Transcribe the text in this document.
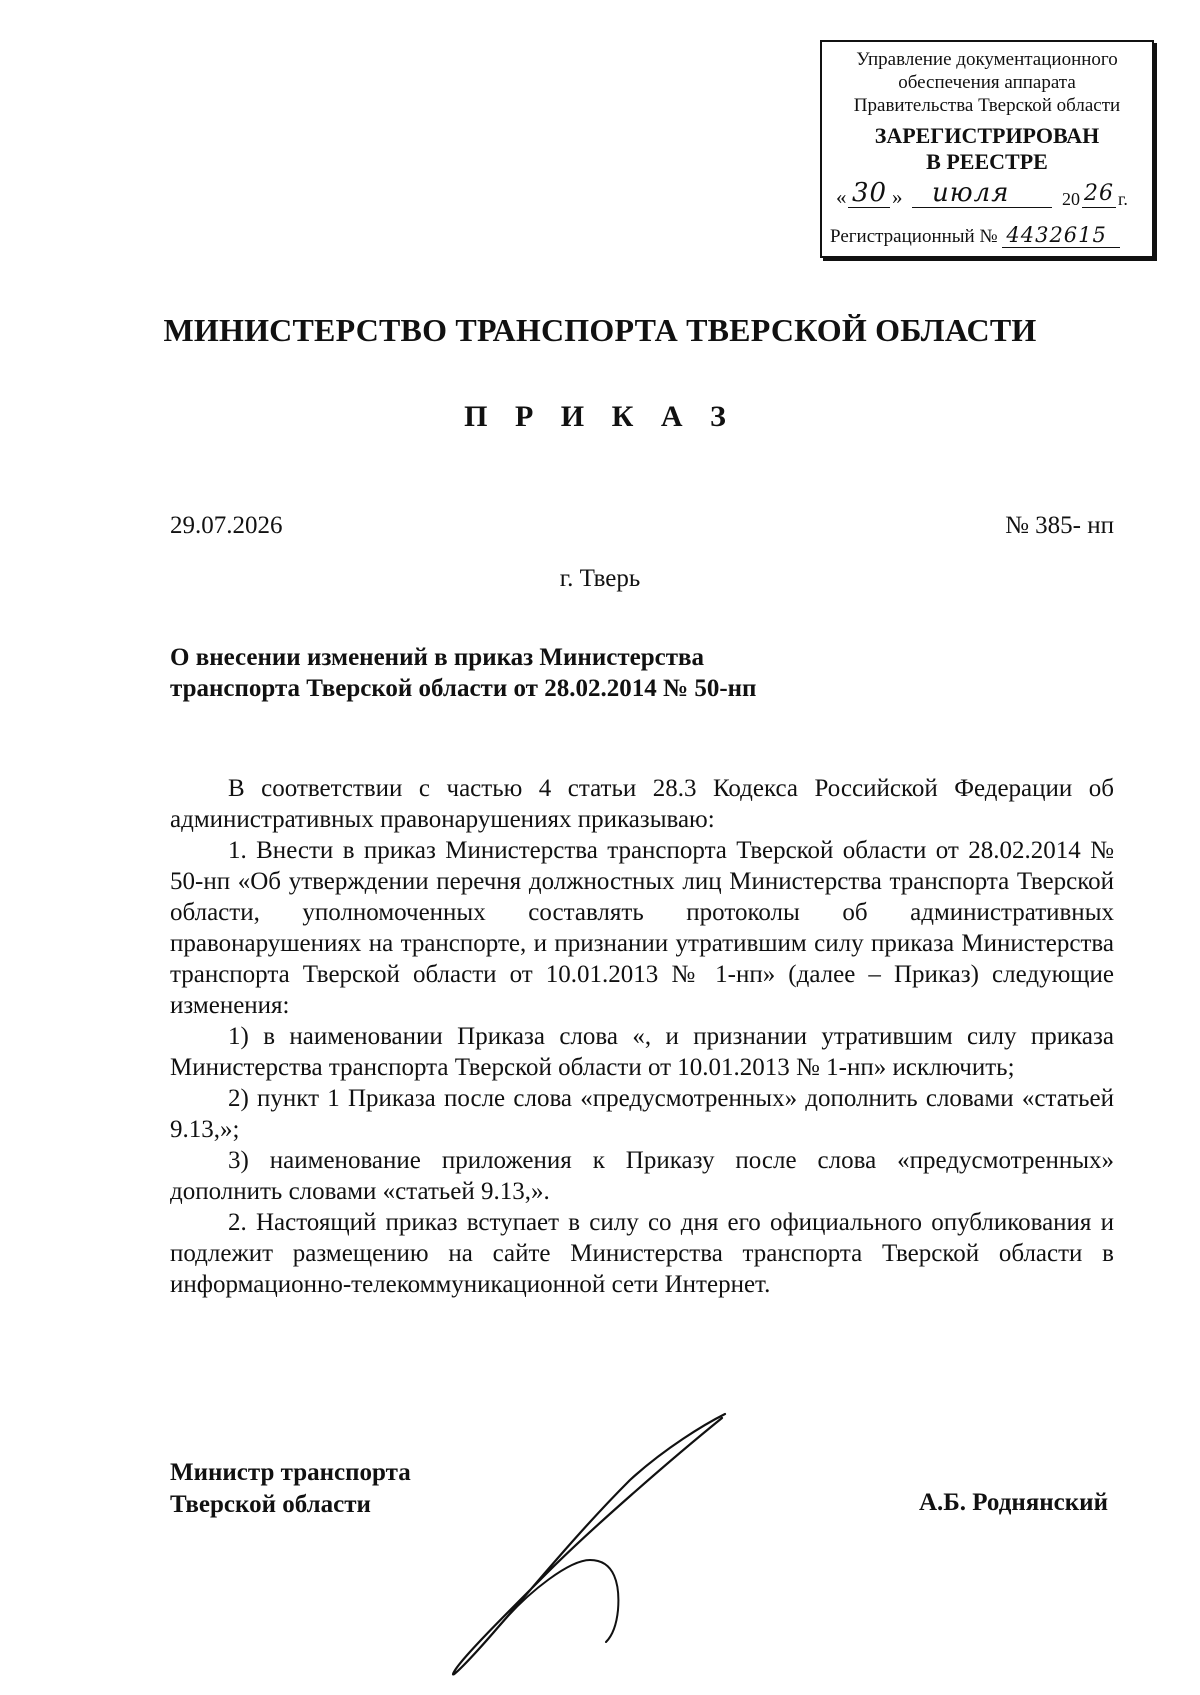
Управление документационного
обеспечения аппарата
Правительства Тверской области
ЗАРЕГИСТРИРОВАН
В РЕЕСТРЕ
« 30 » июля	20 26 г.
Регистрационный № 4432615
МИНИСТЕРСТВО ТРАНСПОРТА ТВЕРСКОЙ ОБЛАСТИ
П Р И К А З
29.07.2026	№ 385- нп
г. Тверь
О внесении изменений в приказ Министерства
транспорта Тверской области от 28.02.2014 № 50-нп

В соответствии с частью 4 статьи 28.3 Кодекса Российской Федерации об административных правонарушениях приказываю:

1. Внести в приказ Министерства транспорта Тверской области от 28.02.2014 № 50-нп «Об утверждении перечня должностных лиц Министерства транспорта Тверской области, уполномоченных составлять протоколы об административных правонарушениях на транспорте, и признании утратившим силу приказа Министерства транспорта Тверской области от 10.01.2013 № 1-нп» (далее – Приказ) следующие изменения:

1) в наименовании Приказа слова «, и признании утратившим силу приказа Министерства транспорта Тверской области от 10.01.2013 № 1-нп» исключить;

2) пункт 1 Приказа после слова «предусмотренных» дополнить словами «статьей 9.13,»;

3) наименование приложения к Приказу после слова «предусмотренных» дополнить словами «статьей 9.13,».

2. Настоящий приказ вступает в силу со дня его официального опубликования и подлежит размещению на сайте Министерства транспорта Тверской области в информационно-телекоммуникационной сети Интернет.

Министр транспорта
Тверской области	А.Б. Роднянский
